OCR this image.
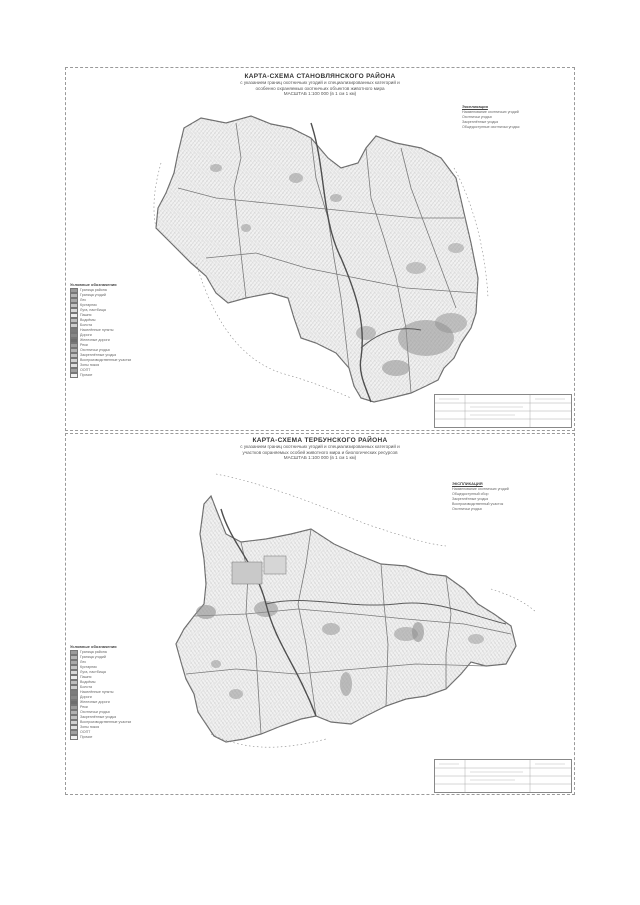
КАРТА-СХЕМА СТАНОВЛЯНСКОГО РАЙОНА
с указанием границ охотничьих угодий и специализированных категорий и
особенно охраняемых охотничьих объектов животного мира
МАСШТАБ 1:100 000 (в 1 см 1 км)
Экспликация
Наименование охотничьих угодий
Охотничьи угодья
Закреплённые угодья
Общедоступные охотничьи угодья
Условные обозначения
Граница района
Граница угодий
Лес
Кустарник
Луга, пастбища
Пашня
Водоёмы
Болота
Населённые пункты
Дороги
Железные дороги
Реки
Охотничьи угодья
Закреплённые угодья
Воспроизводственные участки
Зоны покоя
ООПТ
Прочие
КАРТА-СХЕМА ТЕРБУНСКОГО РАЙОНА
с указанием границ охотничьих угодий и специализированных категорий и
участков охраняемых особей животного мира и биологических ресурсов
МАСШТАБ 1:100 000 (в 1 см 1 км)
ЭКСПЛИКАЦИЯ
Наименование охотничьих угодий
Общедоступный сбор
Закреплённые угодья
Воспроизводственный участок
Охотничьи угодья
Условные обозначения
Граница района
Граница угодий
Лес
Кустарник
Луга, пастбища
Пашня
Водоёмы
Болота
Населённые пункты
Дороги
Железные дороги
Реки
Охотничьи угодья
Закреплённые угодья
Воспроизводственные участки
Зоны покоя
ООПТ
Прочие
